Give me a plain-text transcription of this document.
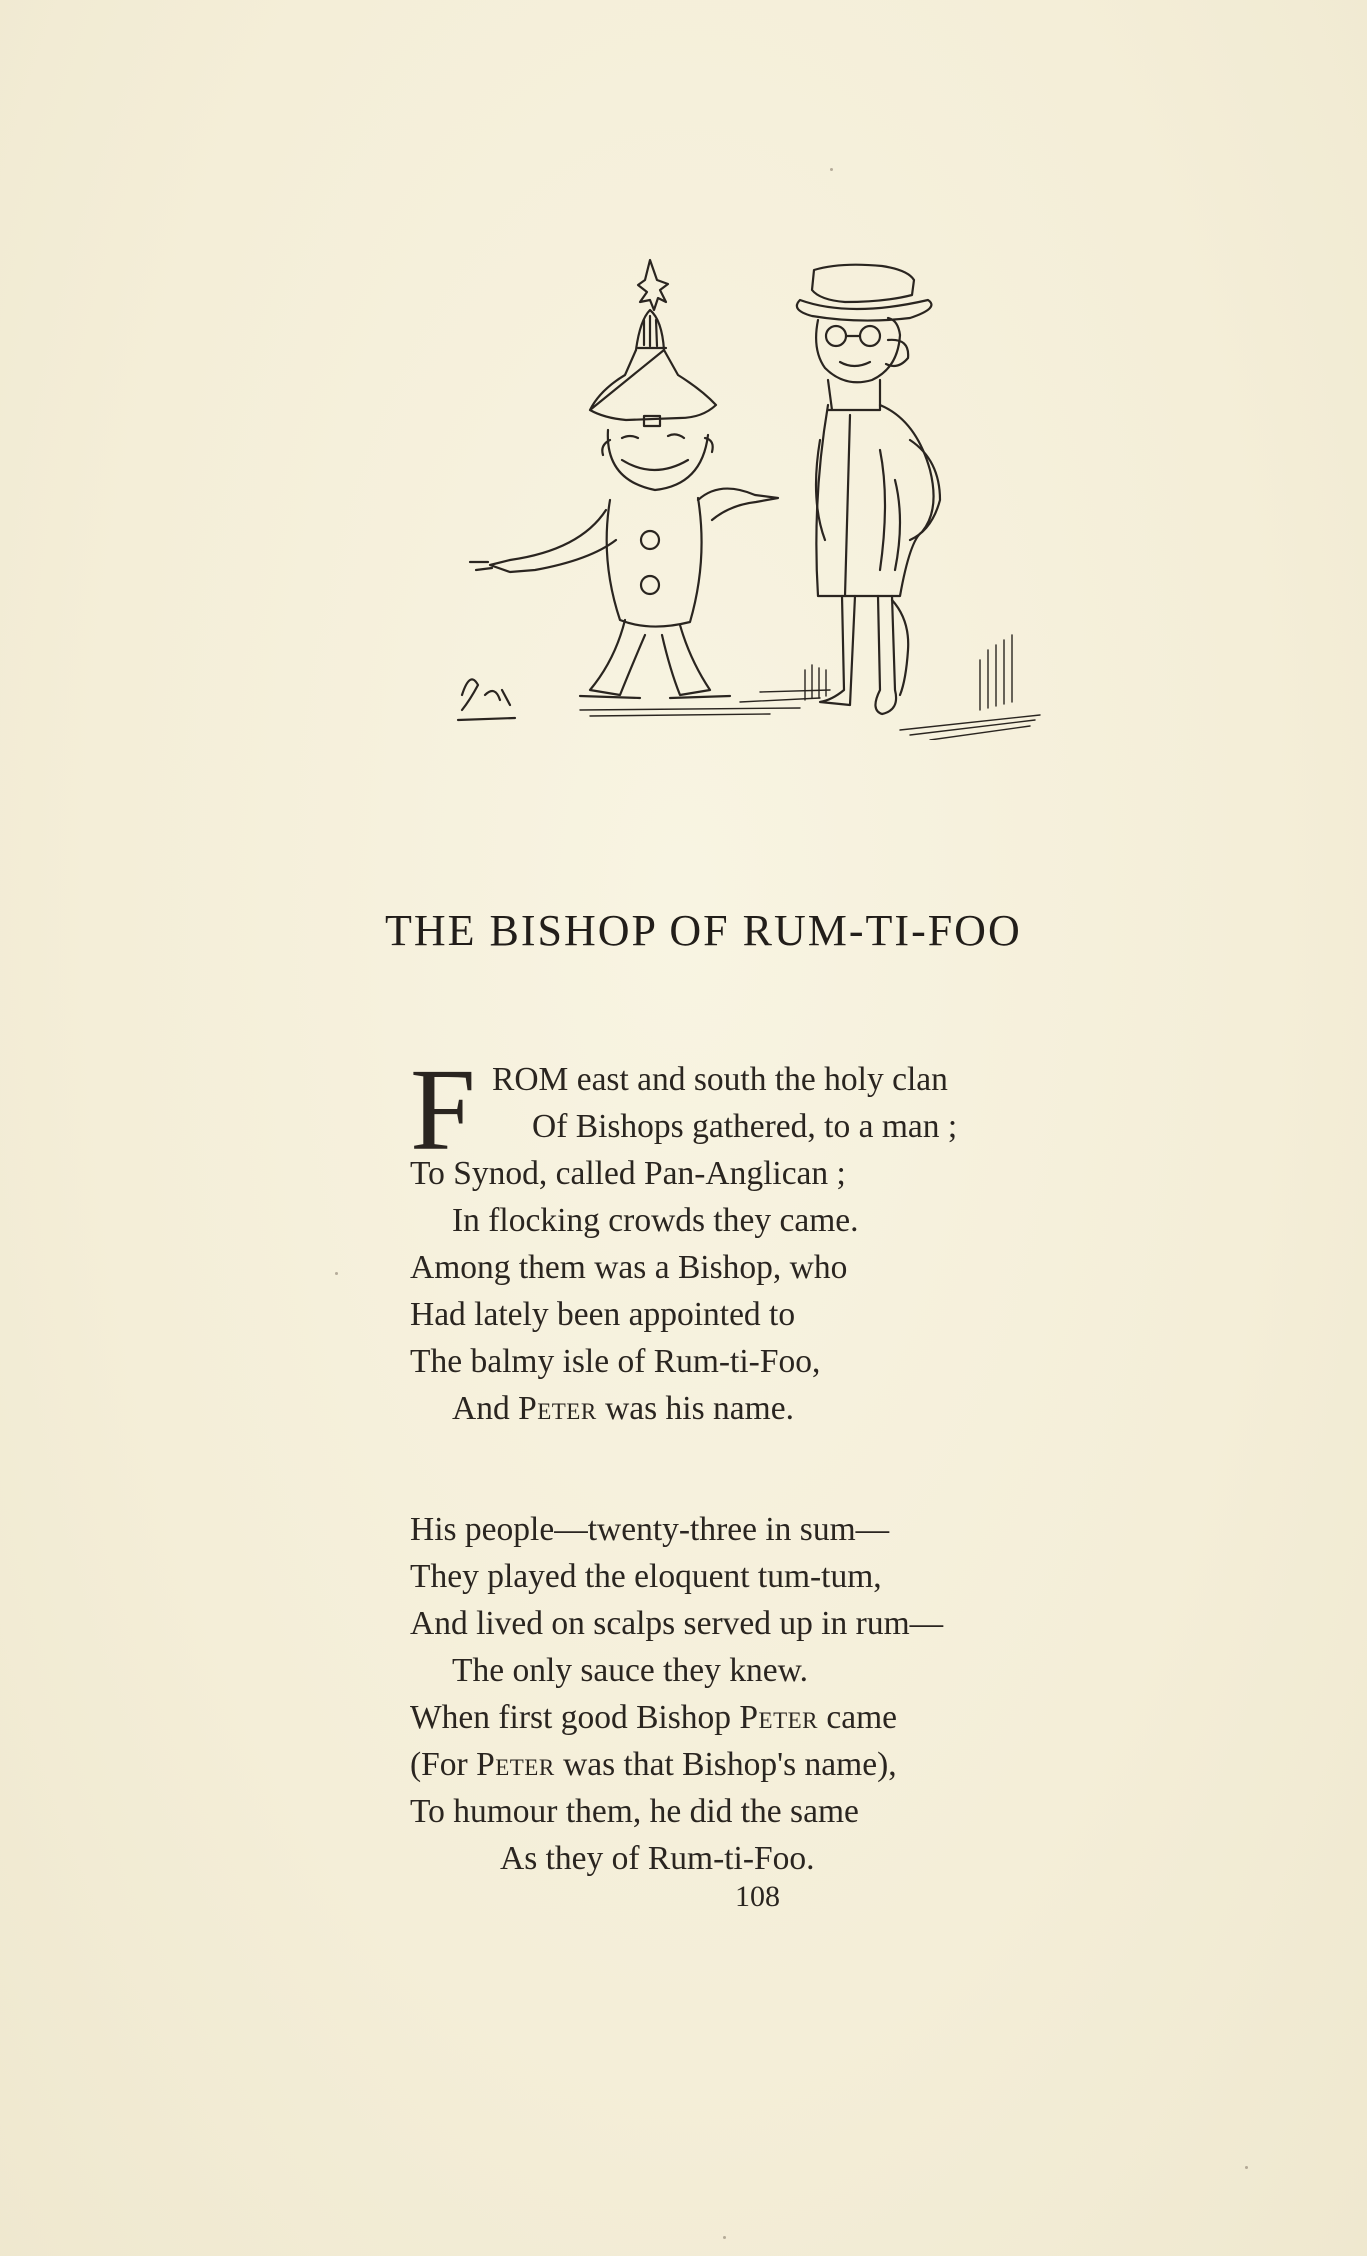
THE BISHOP OF RUM-TI-FOO
F ROM east and south the holy clan
Of Bishops gathered, to a man ;
To Synod, called Pan-Anglican ;
In flocking crowds they came.
Among them was a Bishop, who
Had lately been appointed to
The balmy isle of Rum-ti-Foo,
And Peter was his name.
His people—twenty-three in sum—
They played the eloquent tum-tum,
And lived on scalps served up in rum—
The only sauce they knew.
When first good Bishop Peter came
(For Peter was that Bishop's name),
To humour them, he did the same
As they of Rum-ti-Foo.
108
